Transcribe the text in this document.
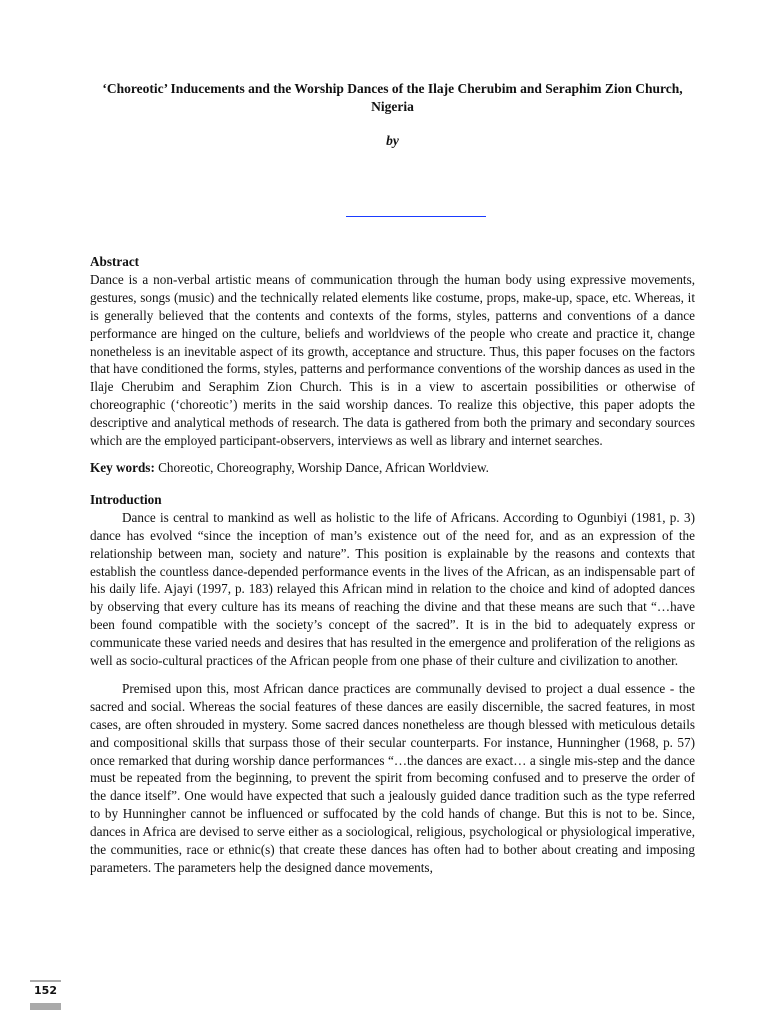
‘Choreotic’ Inducements and the Worship Dances of the Ilaje Cherubim and Seraphim Zion Church, Nigeria
by

Abstract

Dance is a non-verbal artistic means of communication through the human body using expressive movements, gestures, songs (music) and the technically related elements like costume, props, make-up, space, etc. Whereas, it is generally believed that the contents and contexts of the forms, styles, patterns and conventions of a dance performance are hinged on the culture, beliefs and worldviews of the people who create and practice it, change nonetheless is an inevitable aspect of its growth, acceptance and structure. Thus, this paper focuses on the factors that have conditioned the forms, styles, patterns and performance conventions of the worship dances as used in the Ilaje Cherubim and Seraphim Zion Church. This is in a view to ascertain possibilities or otherwise of choreographic (‘choreotic’) merits in the said worship dances. To realize this objective, this paper adopts the descriptive and analytical methods of research. The data is gathered from both the primary and secondary sources which are the employed participant-observers, interviews as well as library and internet searches.

Key words: Choreotic, Choreography, Worship Dance, African Worldview.

Introduction

Dance is central to mankind as well as holistic to the life of Africans. According to Ogunbiyi (1981, p. 3) dance has evolved “since the inception of man’s existence out of the need for, and as an expression of the relationship between man, society and nature”. This position is explainable by the reasons and contexts that establish the countless dance-depended performance events in the lives of the African, as an indispensable part of his daily life. Ajayi (1997, p. 183) relayed this African mind in relation to the choice and kind of adopted dances by observing that every culture has its means of reaching the divine and that these means are such that “…have been found compatible with the society’s concept of the sacred”. It is in the bid to adequately express or communicate these varied needs and desires that has resulted in the emergence and proliferation of the religions as well as socio-cultural practices of the African people from one phase of their culture and civilization to another.

Premised upon this, most African dance practices are communally devised to project a dual essence - the sacred and social. Whereas the social features of these dances are easily discernible, the sacred features, in most cases, are often shrouded in mystery. Some sacred dances nonetheless are though blessed with meticulous details and compositional skills that surpass those of their secular counterparts. For instance, Hunningher (1968, p. 57) once remarked that during worship dance performances “…the dances are exact… a single mis-step and the dance must be repeated from the beginning, to prevent the spirit from becoming confused and to preserve the order of the dance itself”. One would have expected that such a jealously guided dance tradition such as the type referred to by Hunningher cannot be influenced or suffocated by the cold hands of change. But this is not to be. Since, dances in Africa are devised to serve either as a sociological, religious, psychological or physiological imperative, the communities, race or ethnic(s) that create these dances has often had to bother about creating and imposing parameters. The parameters help the designed dance movements,

152
